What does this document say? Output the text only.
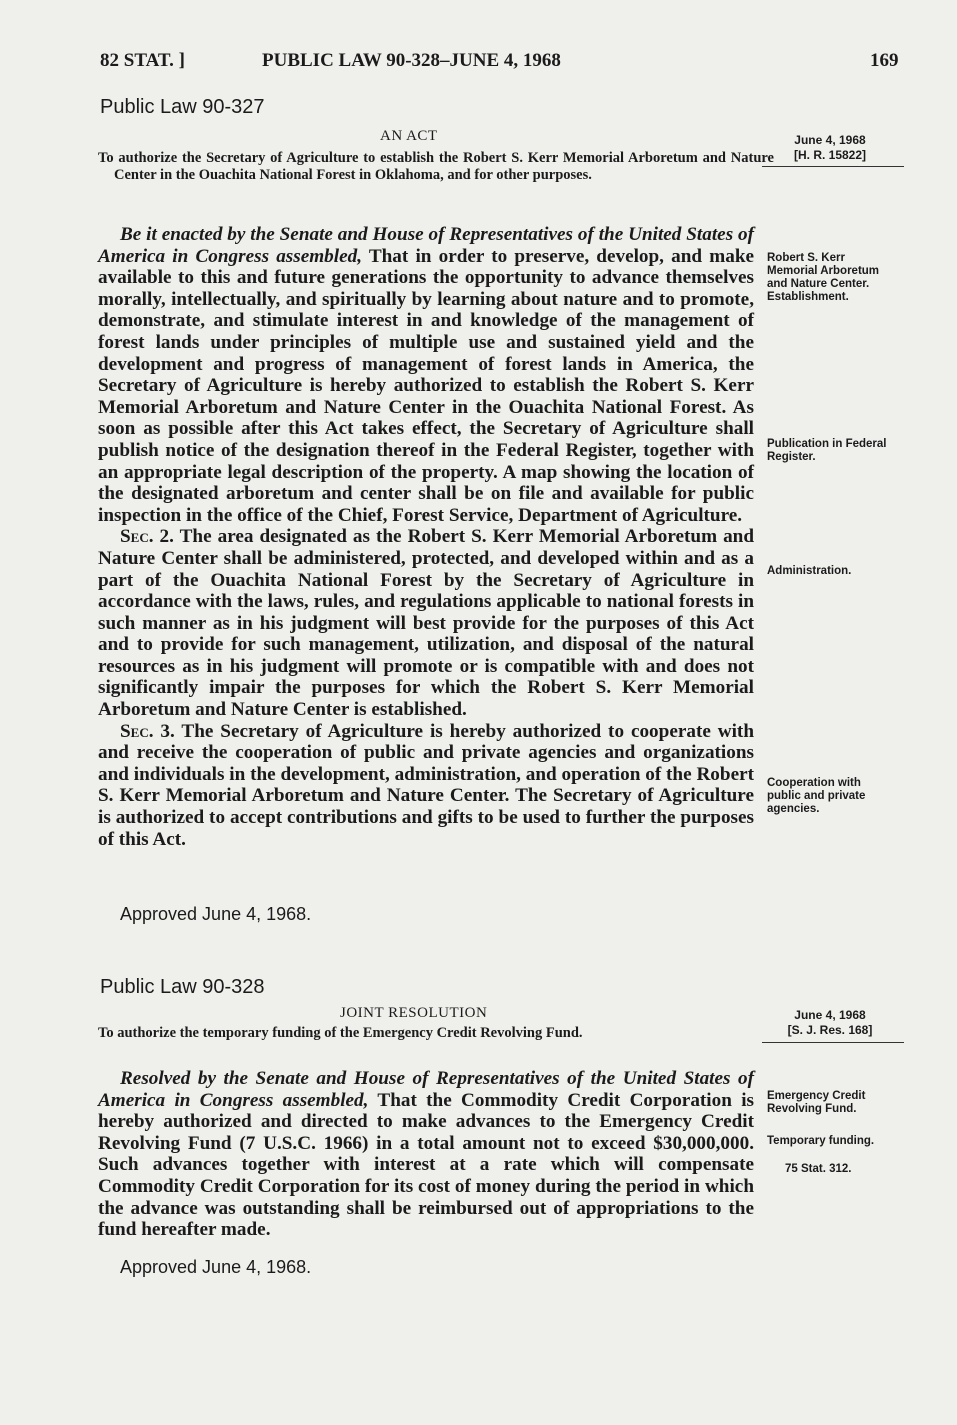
82 STAT. ]	PUBLIC LAW 90-328–JUNE 4, 1968	169
Public Law 90-327
AN ACT
To authorize the Secretary of Agriculture to establish the Robert S. Kerr Memorial Arboretum and Nature Center in the Ouachita National Forest in Oklahoma, and for other purposes.
June 4, 1968
[H. R. 15822]

Be it enacted by the Senate and House of Representatives of the United States of America in Congress assembled, That in order to preserve, develop, and make available to this and future generations the opportunity to advance themselves morally, intellectually, and spiritually by learning about nature and to promote, demonstrate, and stimulate interest in and knowledge of the management of forest lands under principles of multiple use and sustained yield and the development and progress of management of forest lands in America, the Secretary of Agriculture is hereby authorized to establish the Robert S. Kerr Memorial Arboretum and Nature Center in the Ouachita National Forest. As soon as possible after this Act takes effect, the Secretary of Agriculture shall publish notice of the designation thereof in the Federal Register, together with an appropriate legal description of the property. A map showing the location of the designated arboretum and center shall be on file and available for public inspection in the office of the Chief, Forest Service, Department of Agriculture.

Sec. 2. The area designated as the Robert S. Kerr Memorial Arboretum and Nature Center shall be administered, protected, and developed within and as a part of the Ouachita National Forest by the Secretary of Agriculture in accordance with the laws, rules, and regulations applicable to national forests in such manner as in his judgment will best provide for the purposes of this Act and to provide for such management, utilization, and disposal of the natural resources as in his judgment will promote or is compatible with and does not significantly impair the purposes for which the Robert S. Kerr Memorial Arboretum and Nature Center is established.

Sec. 3. The Secretary of Agriculture is hereby authorized to cooperate with and receive the cooperation of public and private agencies and organizations and individuals in the development, administration, and operation of the Robert S. Kerr Memorial Arboretum and Nature Center. The Secretary of Agriculture is authorized to accept contributions and gifts to be used to further the purposes of this Act.

Approved June 4, 1968.
Robert S. Kerr Memorial Arboretum and Nature Center. Establishment.
Publication in Federal Register.
Administration.
Cooperation with public and private agencies.
Public Law 90-328
JOINT RESOLUTION
To authorize the temporary funding of the Emergency Credit Revolving Fund.
June 4, 1968
[S. J. Res. 168]

Resolved by the Senate and House of Representatives of the United States of America in Congress assembled, That the Commodity Credit Corporation is hereby authorized and directed to make advances to the Emergency Credit Revolving Fund (7 U.S.C. 1966) in a total amount not to exceed $30,000,000. Such advances together with interest at a rate which will compensate Commodity Credit Corporation for its cost of money during the period in which the advance was outstanding shall be reimbursed out of appropriations to the fund hereafter made.

Approved June 4, 1968.
Emergency Credit Revolving Fund.
Temporary funding.
75 Stat. 312.
